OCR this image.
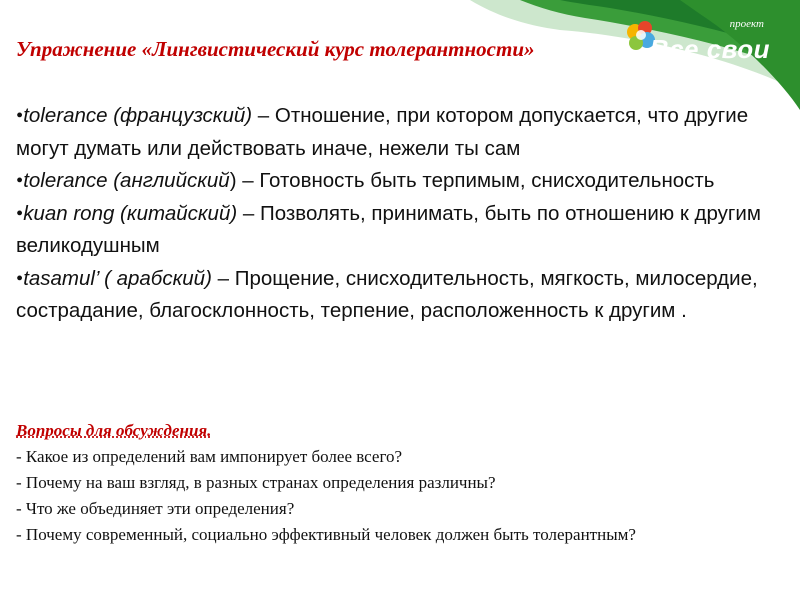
проект
Все свои
Упражнение «Лингвистический курс толерантности»

•tolerance (французский) – Отношение, при котором допускается, что другие могут думать или действовать иначе, нежели ты сам

•tolerance (английский) – Готовность быть терпимым, снисходительность

•kuan rong (китайский) – Позволять, принимать, быть по отношению к другим великодушным

•tasamul’ ( арабский) – Прощение, снисходительность, мягкость, милосердие, сострадание, благосклонность, терпение, расположенность к другим .

Вопросы для обсуждения.

- Какое из определений вам импонирует более всего?

- Почему на ваш взгляд, в разных странах определения различны?

- Что же объединяет эти определения?

- Почему современный, социально эффективный человек должен быть толерантным?
